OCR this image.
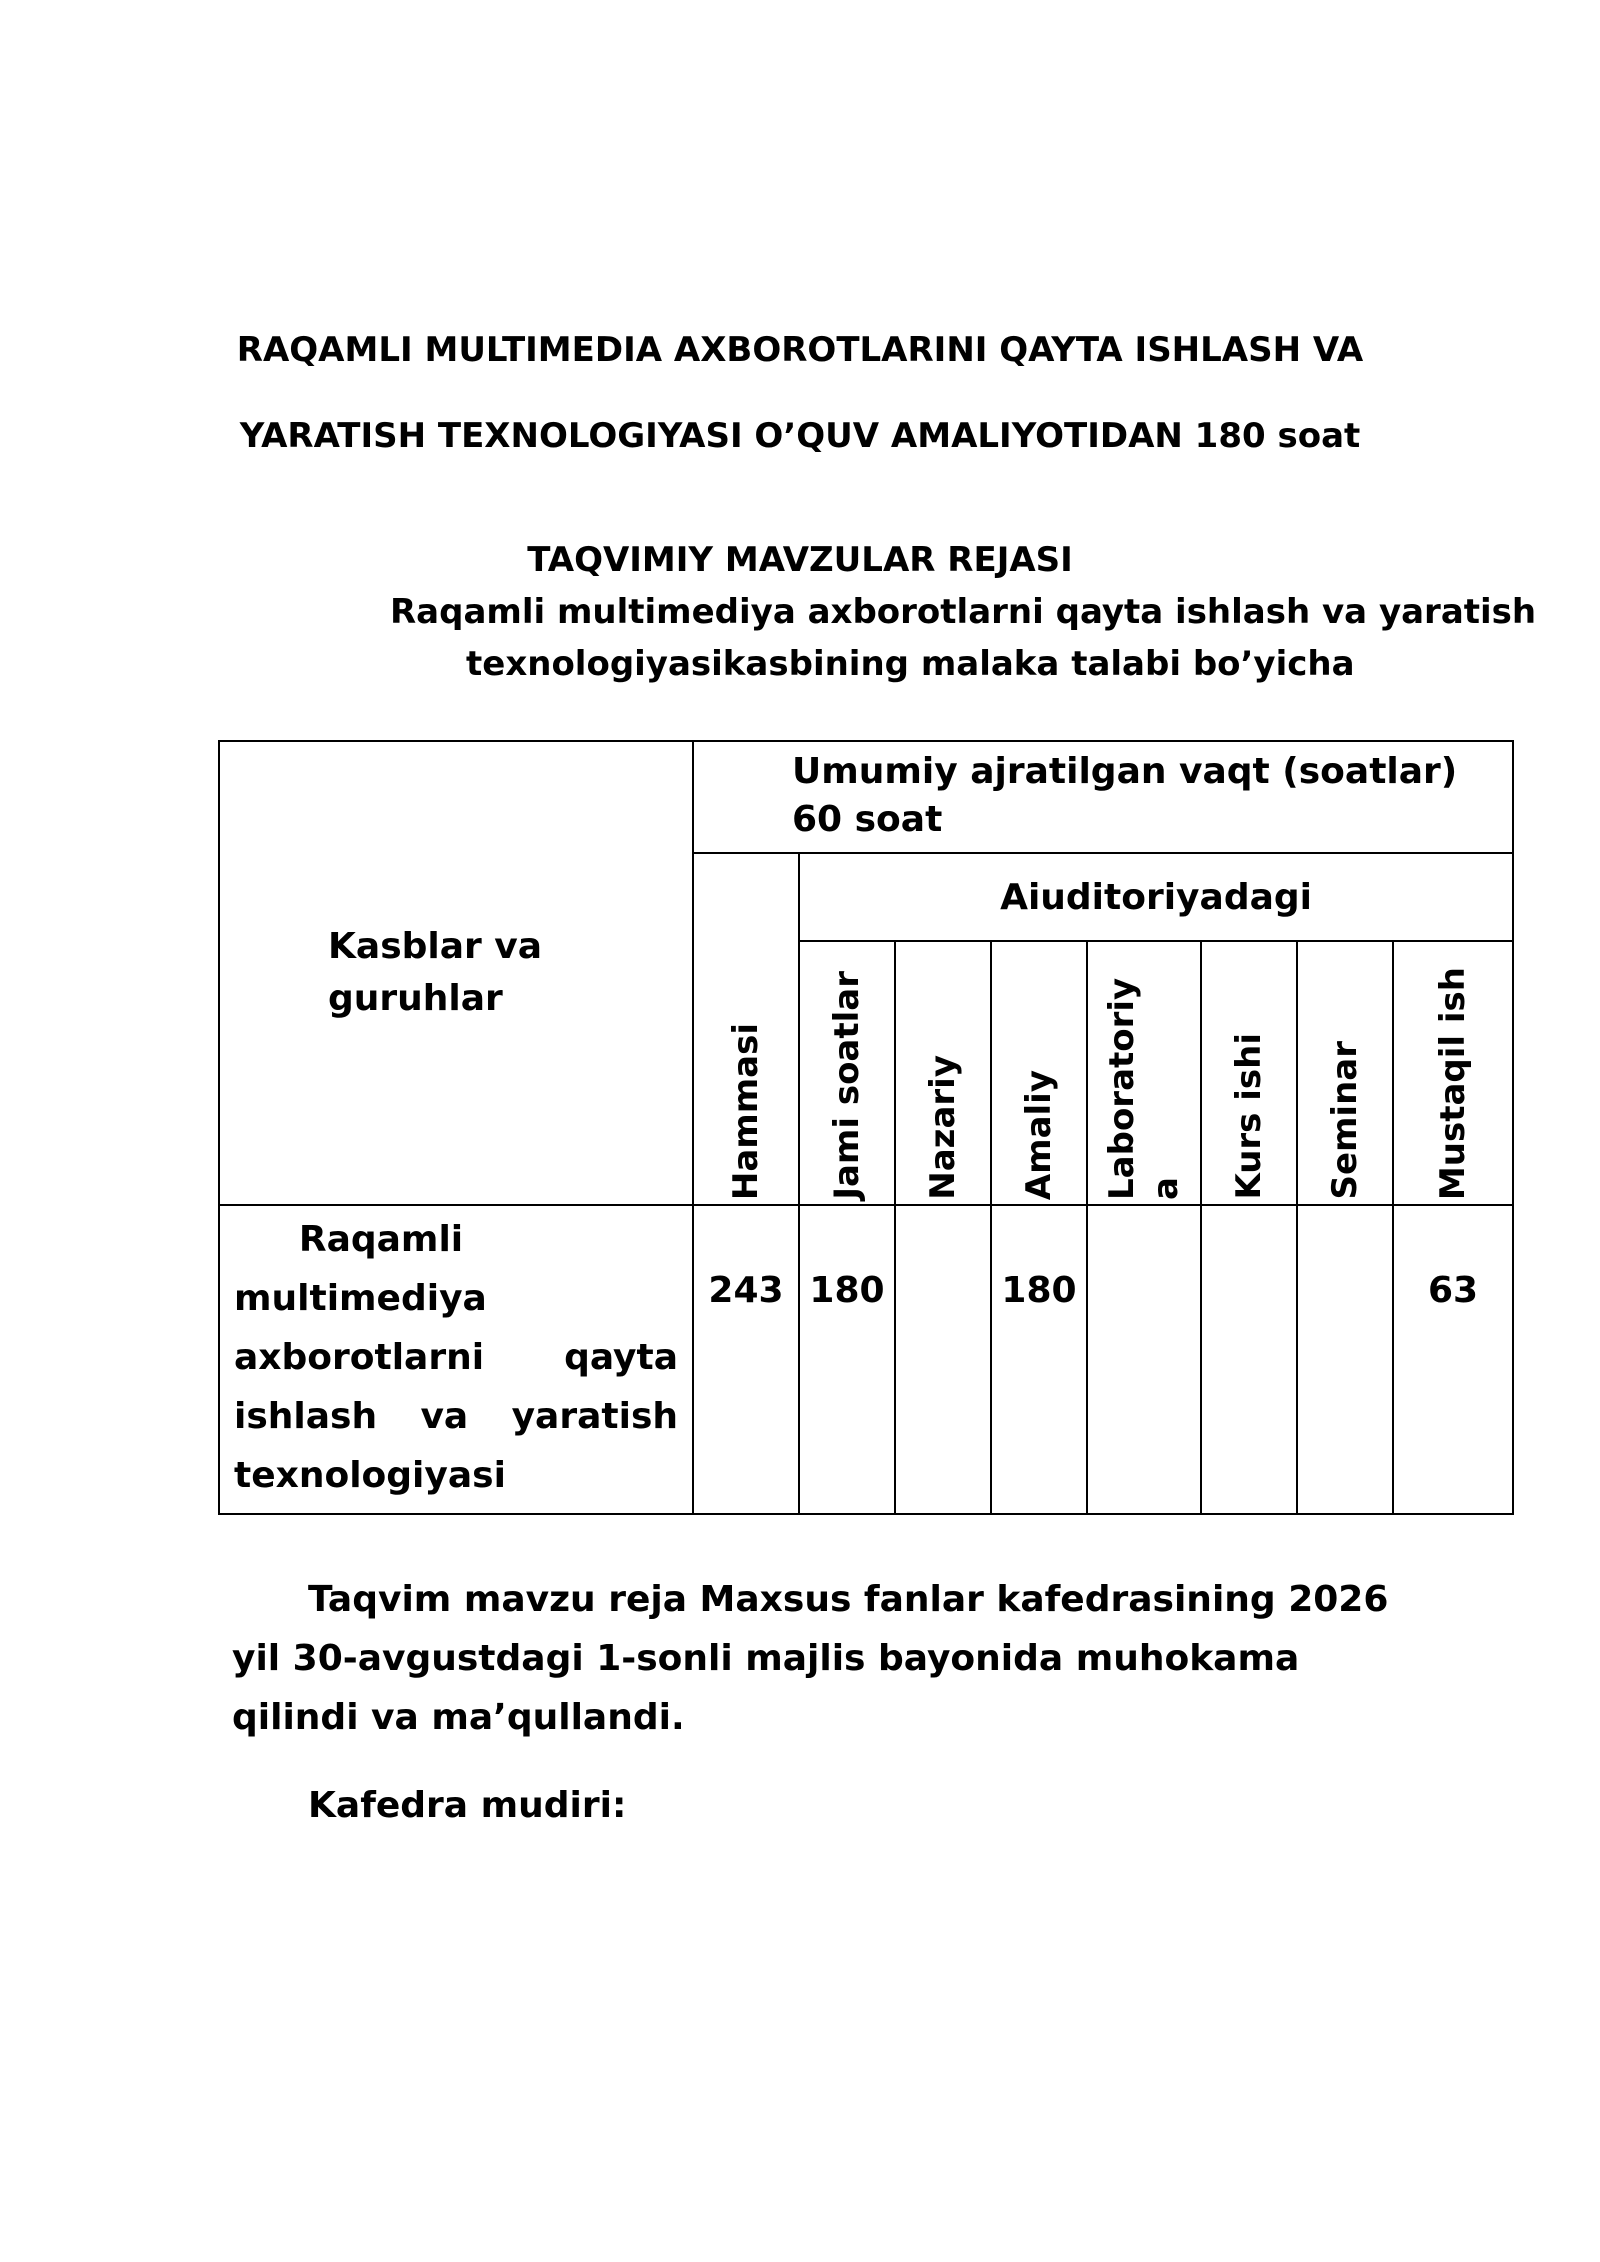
RAQAMLI MULTIMEDIA AXBOROTLARINI QAYTA ISHLASH VA
YARATISH TEXNOLOGIYASI O’QUV AMALIYOTIDAN 180 soat
TAQVIMIY MAVZULAR REJASI
Raqamli multimediya axborotlarni qayta ishlash va yaratish
texnologiyasikasbining malaka talabi bo’yicha
Kasblar va
guruhlar	Umumiy ajratilgan vaqt (soatlar) 60 soat							

	Hammasi	Aiuditoriyadagi						

		Jami soatlar	Nazariy	Amaliy	Laboratoriy a	Kurs ishi	Seminar	Mustaqil ish

Raqamli
multimediya
axborotlarni qayta
ishlash va yaratish
texnologiyasi	243	180		180				63
Taqvim mavzu reja Maxsus fanlar kafedrasining 2026 yil 30-avgustdagi 1-sonli majlis bayonida muhokama qilindi va ma’qullandi.
Kafedra mudiri:
